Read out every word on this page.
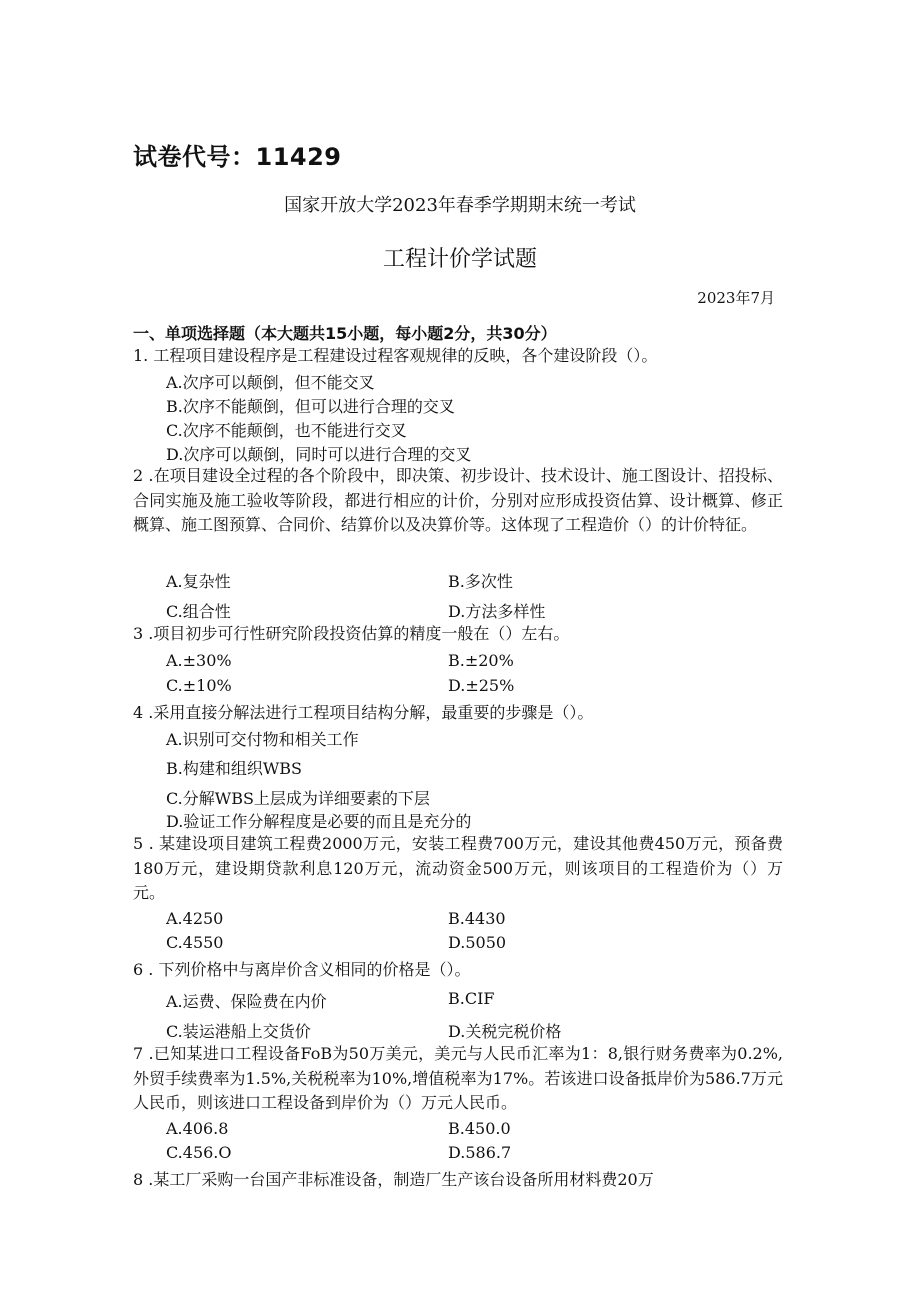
试卷代号：11429
国家开放大学2023年春季学期期末统一考试
工程计价学试题
2023年7月
一、单项选择题（本大题共15小题，每小题2分，共30分）
1. 工程项目建设程序是工程建设过程客观规律的反映，各个建设阶段（）。
A.次序可以颠倒，但不能交叉
B.次序不能颠倒，但可以进行合理的交叉
C.次序不能颠倒，也不能进行交叉
D.次序可以颠倒，同时可以进行合理的交叉
2 .在项目建设全过程的各个阶段中，即决策、初步设计、技术设计、施工图设计、招投标、合同实施及施工验收等阶段，都进行相应的计价，分别对应形成投资估算、设计概算、修正概算、施工图预算、合同价、结算价以及决算价等。这体现了工程造价（）的计价特征。
A.复杂性	B.多次性
C.组合性	D.方法多样性
3 .项目初步可行性研究阶段投资估算的精度一般在（）左右。
A.±30%	B.±20%
C.±10%	D.±25%
4 .采用直接分解法进行工程项目结构分解，最重要的步骤是（）。
A.识别可交付物和相关工作
B.构建和组织WBS
C.分解WBS上层成为详细要素的下层
D.验证工作分解程度是必要的而且是充分的
5 . 某建设项目建筑工程费2000万元，安装工程费700万元，建设其他费450万元，预备费180万元，建设期贷款利息120万元，流动资金500万元，则该项目的工程造价为（）万元。
A.4250	B.4430
C.4550	D.5050
6 . 下列价格中与离岸价含义相同的价格是（）。
A.运费、保险费在内价	B.CIF
C.装运港船上交货价	D.关税完税价格
7 .已知某进口工程设备FoB为50万美元，美元与人民币汇率为1：8,银行财务费率为0.2%,外贸手续费率为1.5%,关税税率为10%,增值税率为17%。若该进口设备抵岸价为586.7万元人民币，则该进口工程设备到岸价为（）万元人民币。
A.406.8	B.450.0
C.456.O	D.586.7
8 .某工厂采购一台国产非标准设备，制造厂生产该台设备所用材料费20万
